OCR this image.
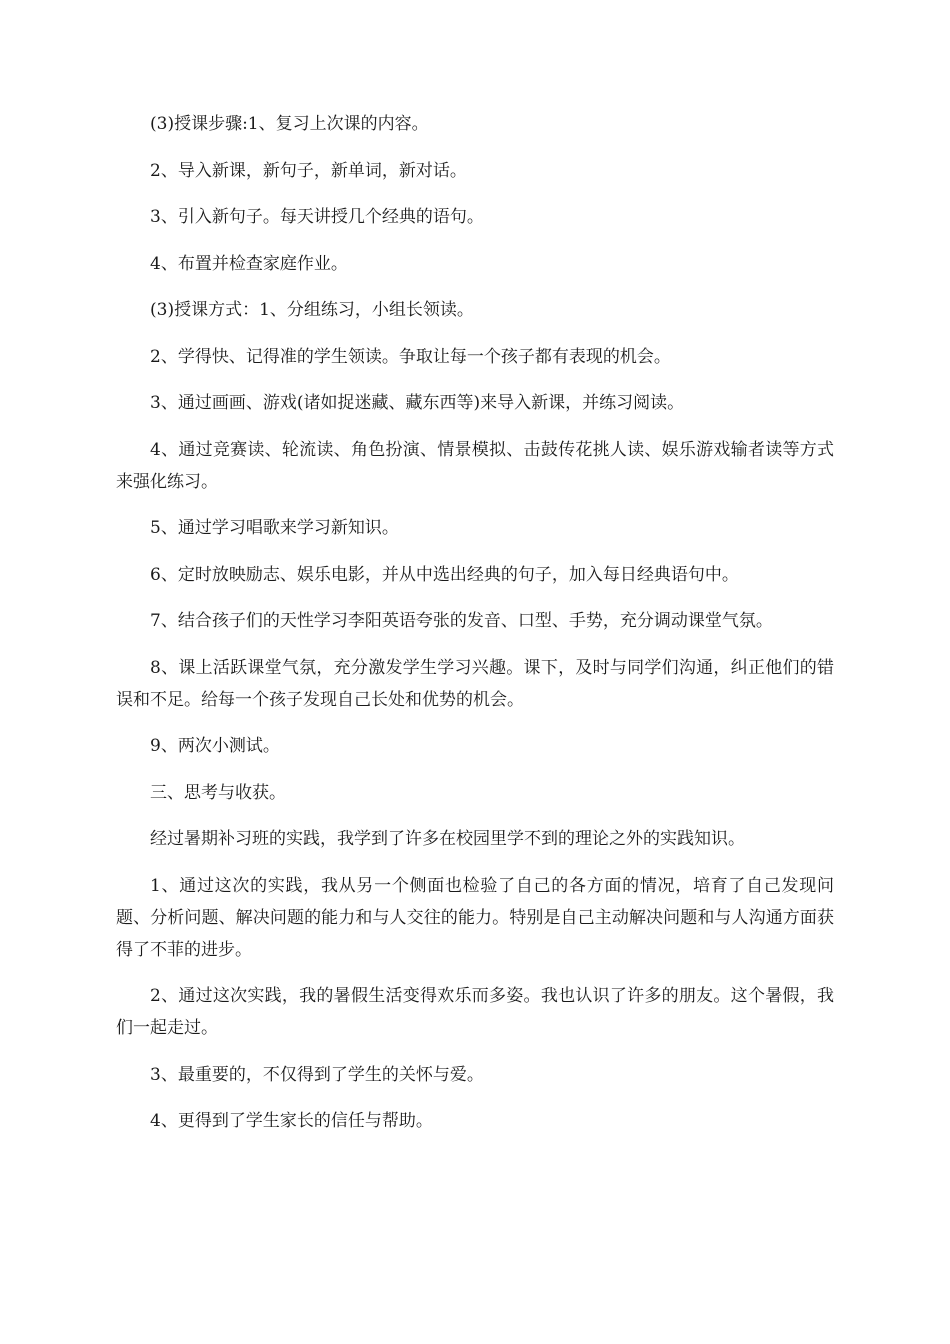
(3)授课步骤:1、复习上次课的内容。

2、导入新课，新句子，新单词，新对话。

3、引入新句子。每天讲授几个经典的语句。

4、布置并检查家庭作业。

(3)授课方式：1、分组练习，小组长领读。

2、学得快、记得准的学生领读。争取让每一个孩子都有表现的机会。

3、通过画画、游戏(诸如捉迷藏、藏东西等)来导入新课，并练习阅读。

4、通过竞赛读、轮流读、角色扮演、情景模拟、击鼓传花挑人读、娱乐游戏输者读等方式来强化练习。

5、通过学习唱歌来学习新知识。

6、定时放映励志、娱乐电影，并从中选出经典的句子，加入每日经典语句中。

7、结合孩子们的天性学习李阳英语夸张的发音、口型、手势，充分调动课堂气氛。

8、课上活跃课堂气氛，充分激发学生学习兴趣。课下，及时与同学们沟通，纠正他们的错误和不足。给每一个孩子发现自己长处和优势的机会。

9、两次小测试。

三、思考与收获。

经过暑期补习班的实践，我学到了许多在校园里学不到的理论之外的实践知识。

1、通过这次的实践，我从另一个侧面也检验了自己的各方面的情况，培育了自己发现问题、分析问题、解决问题的能力和与人交往的能力。特别是自己主动解决问题和与人沟通方面获得了不菲的进步。

2、通过这次实践，我的暑假生活变得欢乐而多姿。我也认识了许多的朋友。这个暑假，我们一起走过。

3、最重要的，不仅得到了学生的关怀与爱。

4、更得到了学生家长的信任与帮助。
